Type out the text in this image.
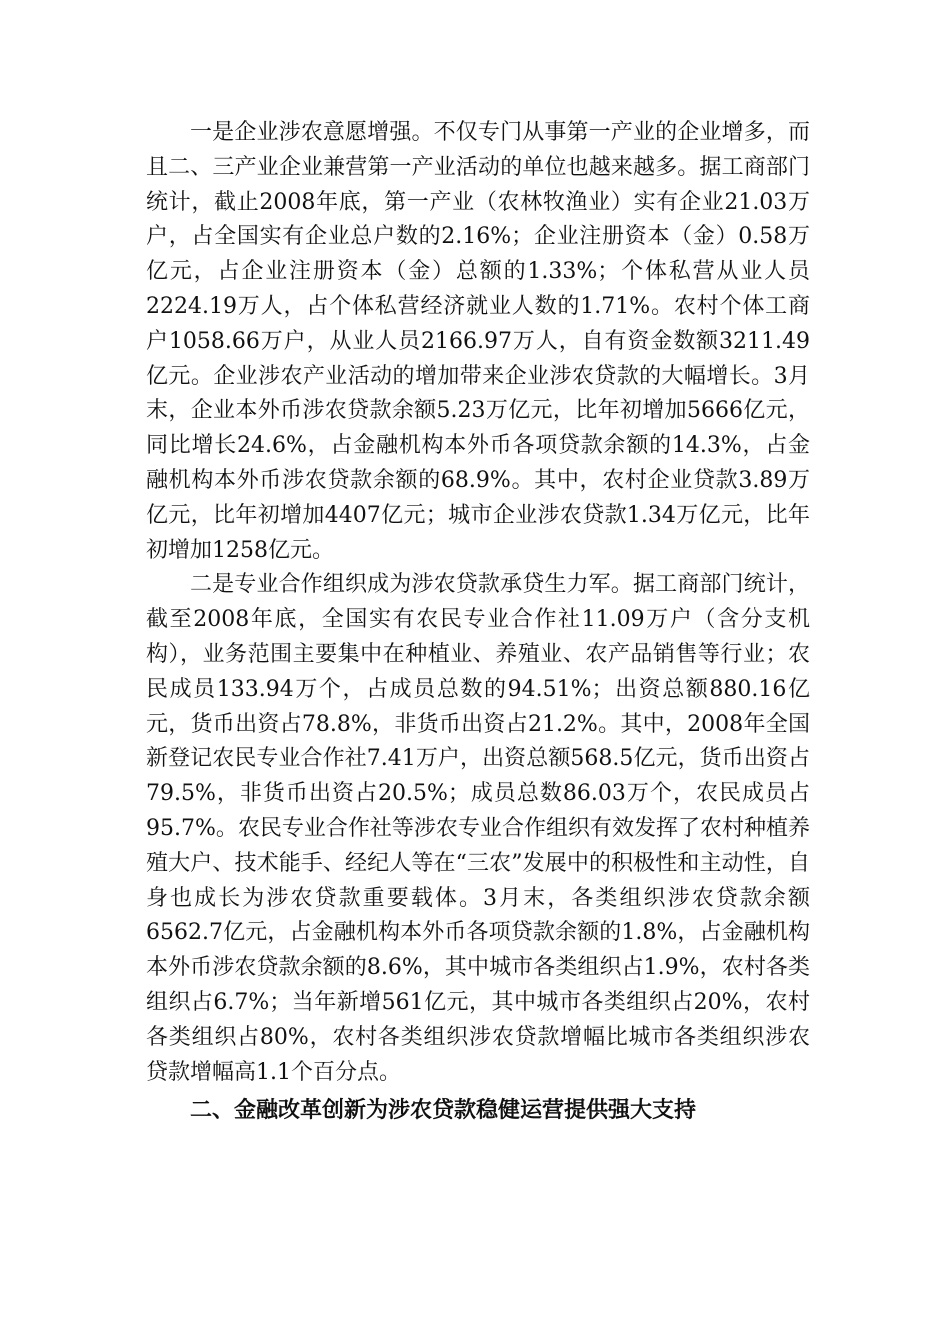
一是企业涉农意愿增强。不仅专门从事第一产业的企业增多，而且二、三产业企业兼营第一产业活动的单位也越来越多。据工商部门统计，截止2008年底，第一产业（农林牧渔业）实有企业21.03万户，占全国实有企业总户数的2.16%；企业注册资本（金）0.58万亿元，占企业注册资本（金）总额的1.33%；个体私营从业人员2224.19万人，占个体私营经济就业人数的1.71%。农村个体工商户1058.66万户，从业人员2166.97万人，自有资金数额3211.49亿元。企业涉农产业活动的增加带来企业涉农贷款的大幅增长。3月末，企业本外币涉农贷款余额5.23万亿元，比年初增加5666亿元，同比增长24.6%，占金融机构本外币各项贷款余额的14.3%，占金融机构本外币涉农贷款余额的68.9%。其中，农村企业贷款3.89万亿元，比年初增加4407亿元；城市企业涉农贷款1.34万亿元，比年初增加1258亿元。

二是专业合作组织成为涉农贷款承贷生力军。据工商部门统计，截至2008年底，全国实有农民专业合作社11.09万户（含分支机构），业务范围主要集中在种植业、养殖业、农产品销售等行业；农民成员133.94万个，占成员总数的94.51%；出资总额880.16亿元，货币出资占78.8%，非货币出资占21.2%。其中，2008年全国新登记农民专业合作社7.41万户，出资总额568.5亿元，货币出资占79.5%，非货币出资占20.5%；成员总数86.03万个，农民成员占95.7%。农民专业合作社等涉农专业合作组织有效发挥了农村种植养殖大户、技术能手、经纪人等在“三农”发展中的积极性和主动性，自身也成长为涉农贷款重要载体。3月末，各类组织涉农贷款余额6562.7亿元，占金融机构本外币各项贷款余额的1.8%，占金融机构本外币涉农贷款余额的8.6%，其中城市各类组织占1.9%，农村各类组织占6.7%；当年新增561亿元，其中城市各类组织占20%，农村各类组织占80%，农村各类组织涉农贷款增幅比城市各类组织涉农贷款增幅高1.1个百分点。

二、金融改革创新为涉农贷款稳健运营提供强大支持
